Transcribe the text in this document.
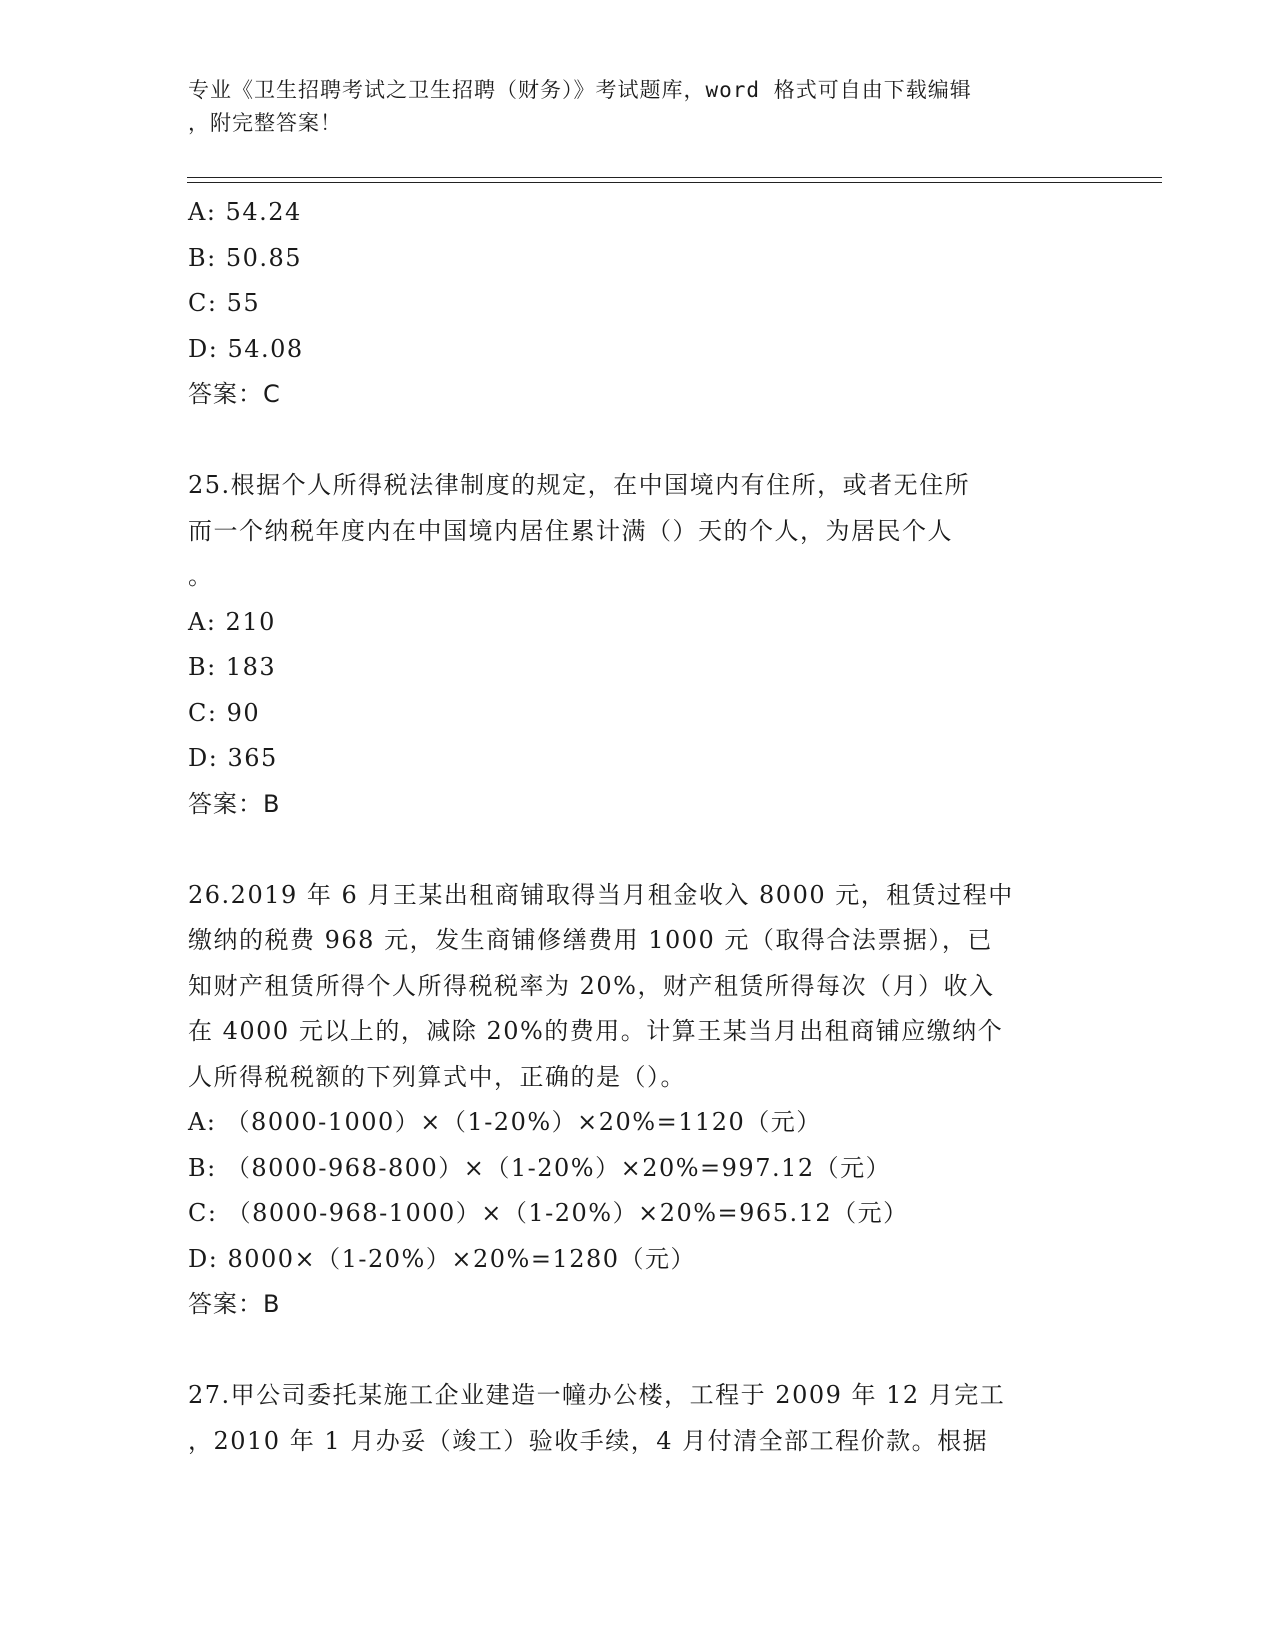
专业《卫生招聘考试之卫生招聘（财务）》考试题库，word 格式可自由下载编辑
，附完整答案！
A: 54.24
B: 50.85
C: 55
D: 54.08
答案：C
25.根据个人所得税法律制度的规定，在中国境内有住所，或者无住所
而一个纳税年度内在中国境内居住累计满（）天的个人，为居民个人
。
A: 210
B: 183
C: 90
D: 365
答案：B
26.2019 年 6 月王某出租商铺取得当月租金收入 8000 元，租赁过程中
缴纳的税费 968 元，发生商铺修缮费用 1000 元（取得合法票据），已
知财产租赁所得个人所得税税率为 20%，财产租赁所得每次（月）收入
在 4000 元以上的，减除 20%的费用。计算王某当月出租商铺应缴纳个
人所得税税额的下列算式中，正确的是（）。
A: （8000-1000）×（1-20%）×20%=1120（元）
B: （8000-968-800）×（1-20%）×20%=997.12（元）
C: （8000-968-1000）×（1-20%）×20%=965.12（元）
D: 8000×（1-20%）×20%=1280（元）
答案：B
27.甲公司委托某施工企业建造一幢办公楼，工程于 2009 年 12 月完工
，2010 年 1 月办妥（竣工）验收手续，4 月付清全部工程价款。根据
